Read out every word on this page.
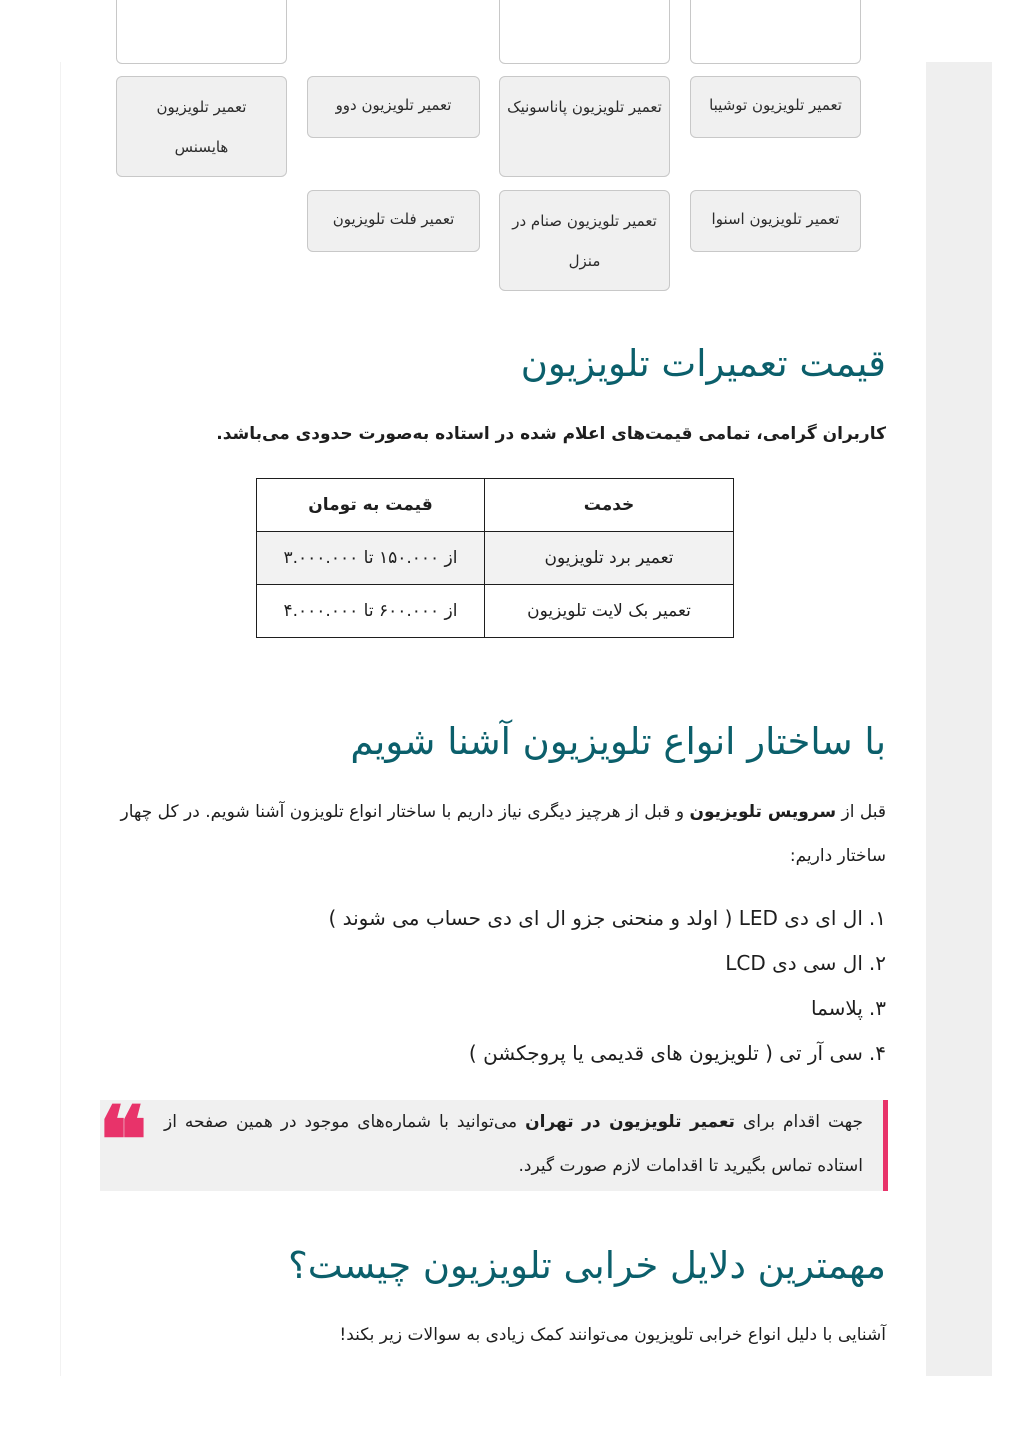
تعمیر تلویزیون توشیبا
تعمیر تلویزیون پاناسونیک
تعمیر تلویزیون دوو
تعمیر تلویزیون هایسنس
تعمیر تلویزیون اسنوا
تعمیر تلویزیون صنام در منزل
تعمیر فلت تلویزیون
قیمت تعمیرات تلویزیون

کاربران گرامی، تمامی قیمت‌های اعلام شده در استاده به‌صورت حدودی می‌باشد.

خدمت	قیمت به تومان
تعمیر برد تلویزیون	از ۱۵۰.۰۰۰ تا ۳.۰۰۰.۰۰۰
تعمیر بک لایت تلویزیون	از ۶۰۰.۰۰۰ تا ۴.۰۰۰.۰۰۰
با ساختار انواع تلویزیون آشنا شویم

قبل از سرویس تلویزیون و قبل از هرچیز دیگری نیاز داریم با ساختار انواع تلویزون آشنا شویم. در کل چهار ساختار داریم:

۱.ال ای دی LED ( اولد و منحنی جزو ال ای دی حساب می شوند )
۲.ال سی دی LCD
۳.پلاسما
۴.سی آر تی ( تلویزیون های قدیمی یا پروجکشن )
❝	جهت اقدام برای تعمیر تلویزیون در تهران می‌توانید با شماره‌های موجود در همین صفحه از استاده تماس بگیرید تا اقدامات لازم صورت گیرد.

مهمترین دلایل خرابی تلویزیون چیست؟

آشنایی با دلیل انواع خرابی تلویزیون می‌توانند کمک زیادی به سوالات زیر بکند!
